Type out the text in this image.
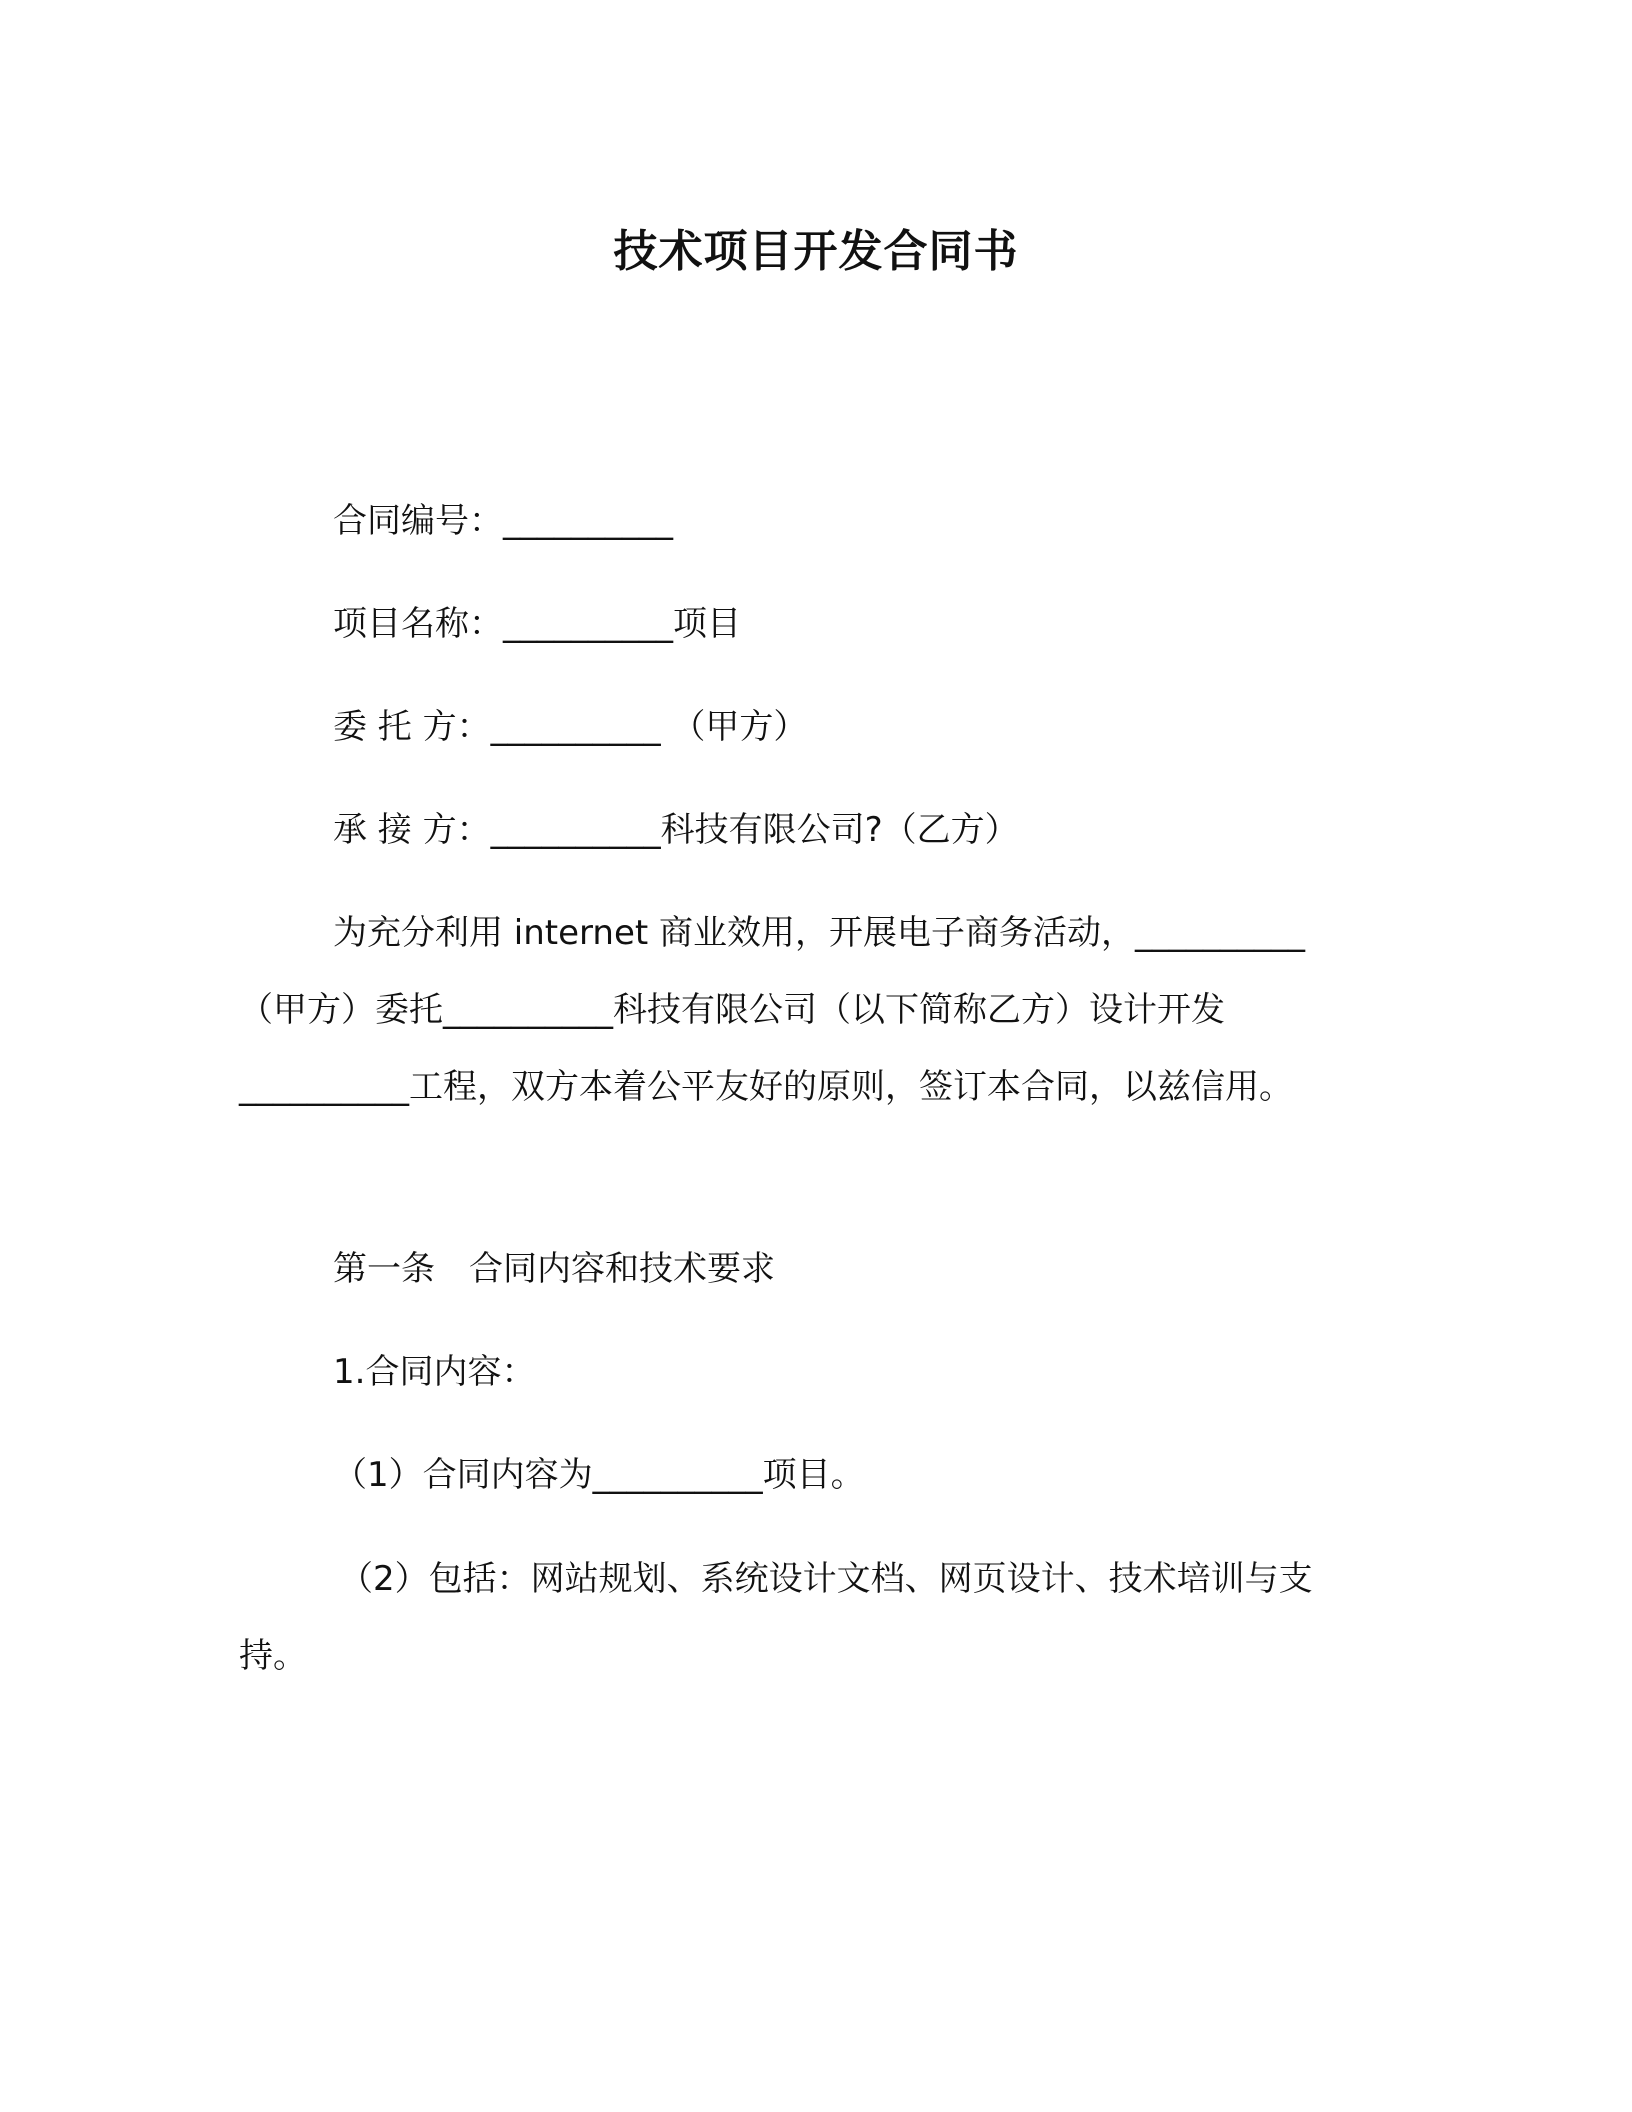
技术项目开发合同书

合同编号：__________

项目名称：__________项目

委 托 方：__________ （甲方）

承 接 方：__________科技有限公司?（乙方）

为充分利用 internet 商业效用，开展电子商务活动，__________（甲方）委托__________科技有限公司（以下简称乙方）设计开发__________工程，双方本着公平友好的原则，签订本合同，以兹信用。

第一条　合同内容和技术要求

1.合同内容：

（1）合同内容为__________项目。

（2）包括：网站规划、系统设计文档、网页设计、技术培训与支持。
